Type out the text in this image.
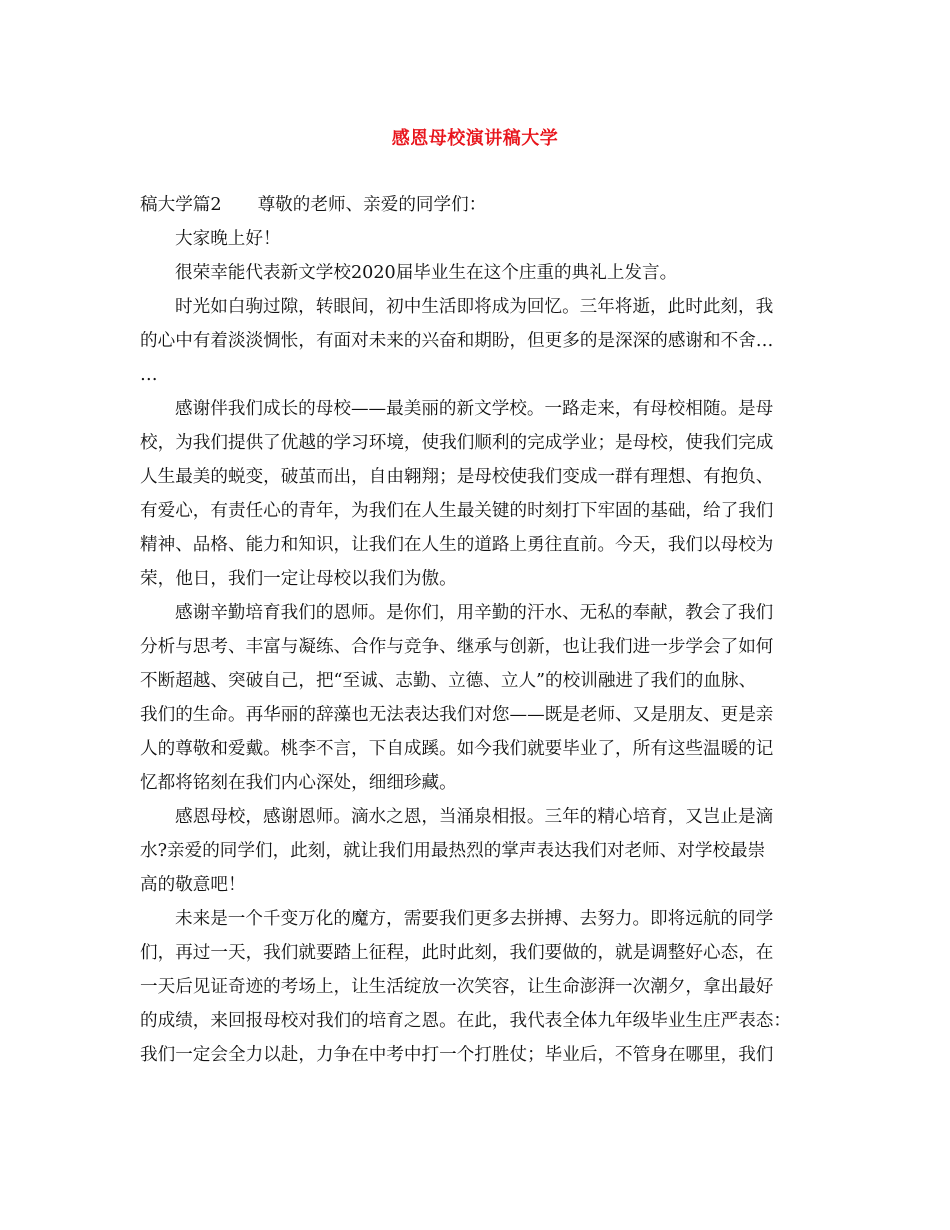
感恩母校演讲稿大学
稿大学篇2 尊敬的老师、亲爱的同学们：
大家晚上好！
很荣幸能代表新文学校2020届毕业生在这个庄重的典礼上发言。
时光如白驹过隙，转眼间，初中生活即将成为回忆。三年将逝，此时此刻，我
的心中有着淡淡惆怅，有面对未来的兴奋和期盼，但更多的是深深的感谢和不舍…
…
感谢伴我们成长的母校——最美丽的新文学校。一路走来，有母校相随。是母
校，为我们提供了优越的学习环境，使我们顺利的完成学业；是母校，使我们完成
人生最美的蜕变，破茧而出，自由翱翔；是母校使我们变成一群有理想、有抱负、
有爱心，有责任心的青年，为我们在人生最关键的时刻打下牢固的基础，给了我们
精神、品格、能力和知识，让我们在人生的道路上勇往直前。今天，我们以母校为
荣，他日，我们一定让母校以我们为傲。
感谢辛勤培育我们的恩师。是你们，用辛勤的汗水、无私的奉献，教会了我们
分析与思考、丰富与凝练、合作与竞争、继承与创新，也让我们进一步学会了如何
不断超越、突破自己，把“至诚、志勤、立德、立人”的校训融进了我们的血脉、
我们的生命。再华丽的辞藻也无法表达我们对您——既是老师、又是朋友、更是亲
人的尊敬和爱戴。桃李不言，下自成蹊。如今我们就要毕业了，所有这些温暖的记
忆都将铭刻在我们内心深处，细细珍藏。
感恩母校，感谢恩师。滴水之恩，当涌泉相报。三年的精心培育，又岂止是滴
水?亲爱的同学们，此刻，就让我们用最热烈的掌声表达我们对老师、对学校最崇
高的敬意吧！
未来是一个千变万化的魔方，需要我们更多去拼搏、去努力。即将远航的同学
们，再过一天，我们就要踏上征程，此时此刻，我们要做的，就是调整好心态，在
一天后见证奇迹的考场上，让生活绽放一次笑容，让生命澎湃一次潮夕，拿出最好
的成绩，来回报母校对我们的培育之恩。在此，我代表全体九年级毕业生庄严表态：
我们一定会全力以赴，力争在中考中打一个打胜仗；毕业后，不管身在哪里，我们
